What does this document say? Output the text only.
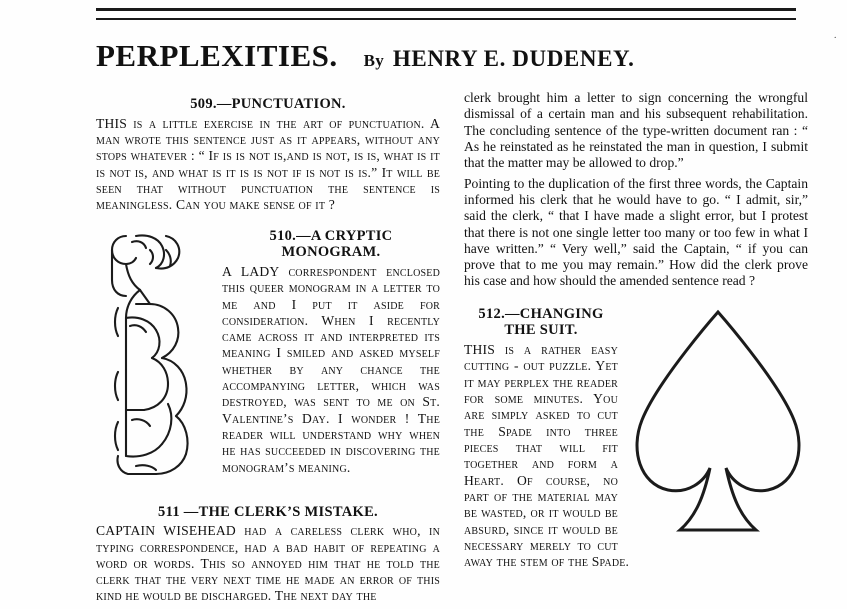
·
PERPLEXITIES. By HENRY E. DUDENEY.
509.—PUNCTUATION.

THIS is a little exercise in the art of punctuation. A man wrote this sentence just as it appears, without any stops whatever : “ If is is not is,and is not, is is, what is it is not is, and what is it is is not if is not is is.” It will be seen that without punctuation the sentence is meaningless. Can you make sense of it ?

510.—A CRYPTIC MONOGRAM.

A LADY correspondent enclosed this queer monogram in a letter to me and I put it aside for consideration. When I recently came across it and interpreted its meaning I smiled and asked myself whether by any chance the accompanying letter, which was destroyed, was sent to me on St. Valentine’s Day. I wonder ! The reader will understand why when he has succeeded in discovering the monogram’s meaning.

511 —THE CLERK’S MISTAKE.

CAPTAIN WISEHEAD had a careless clerk who, in typing correspondence, had a bad habit of repeating a word or words. This so annoyed him that he told the clerk that the very next time he made an error of this kind he would be discharged. The next day the

clerk brought him a letter to sign concerning the wrongful dismissal of a certain man and his subsequent rehabilitation. The concluding sentence of the type-written document ran : “ As he reinstated as he reinstated the man in question, I submit that the matter may be allowed to drop.”

Pointing to the duplication of the first three words, the Captain informed his clerk that he would have to go. “ I admit, sir,” said the clerk, “ that I have made a slight error, but I protest that there is not one single letter too many or too few in what I have written.” “ Very well,” said the Captain, “ if you can prove that to me you may remain.” How did the clerk prove his case and how should the amended sentence read ?

512.—CHANGING THE SUIT.

THIS is a rather easy cutting - out puzzle. Yet it may perplex the reader for some minutes. You are simply asked to cut the Spade into three pieces that will fit together and form a Heart. Of course, no part of the material may be wasted, or it would be absurd, since it would be necessary merely to cut away the stem of the Spade.
